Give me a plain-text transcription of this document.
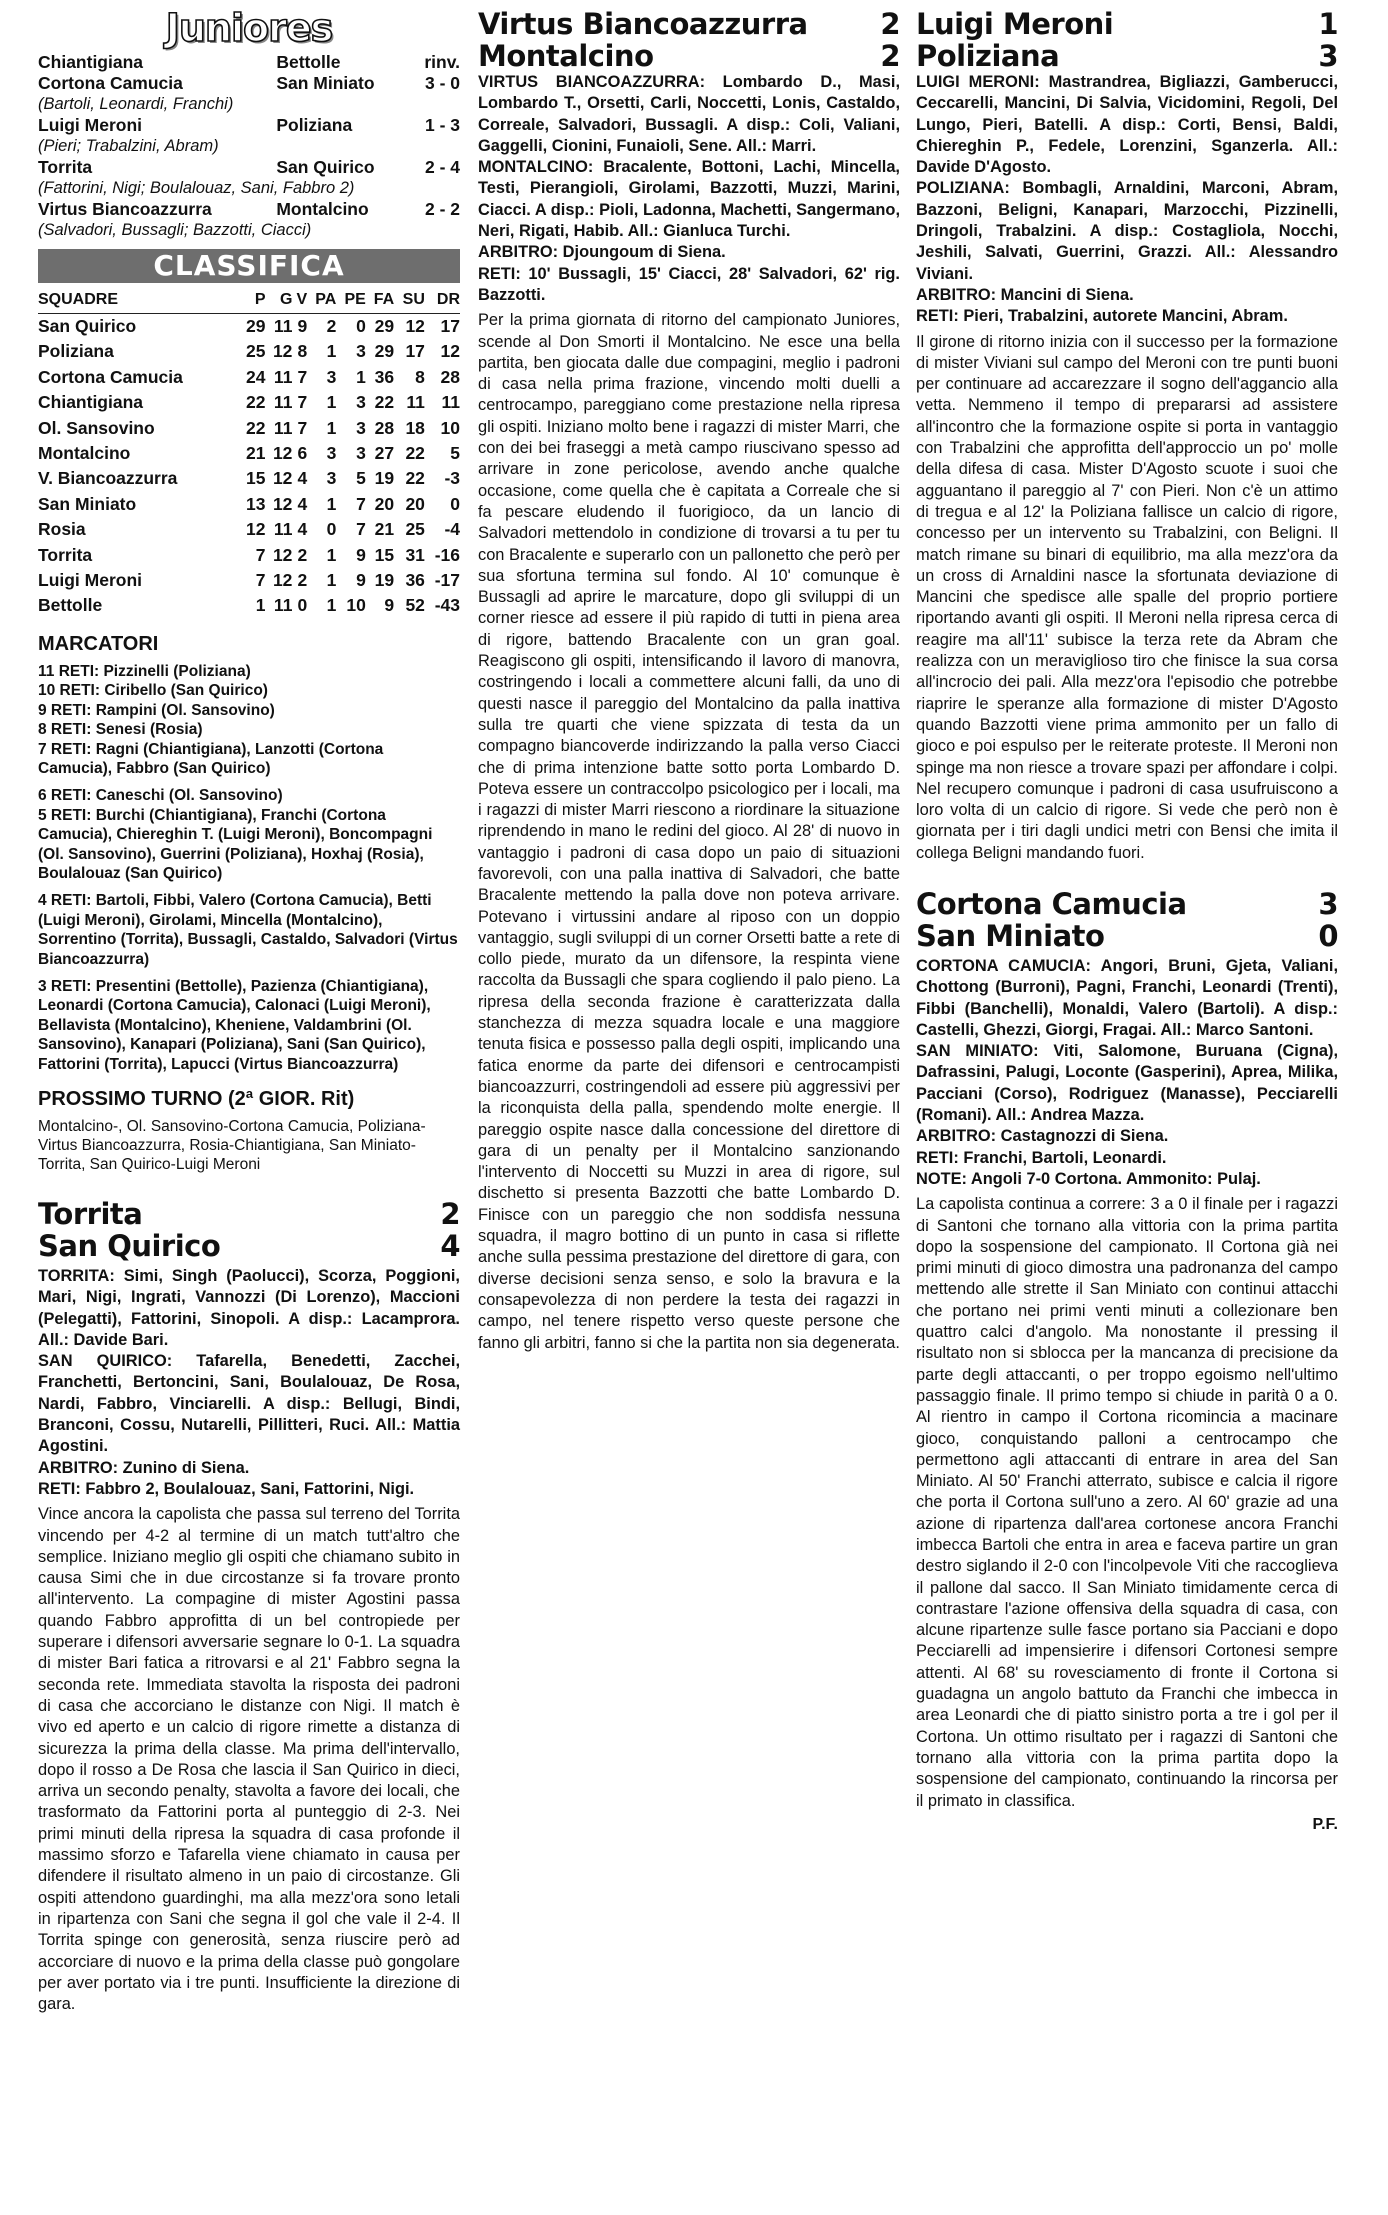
Juniores
Chiantigiana	Bettolle	rinv.
Cortona Camucia	San Miniato	3 - 0
(Bartoli, Leonardi, Franchi)		
Luigi Meroni	Poliziana	1 - 3
(Pieri; Trabalzini, Abram)		
Torrita	San Quirico	2 - 4
(Fattorini, Nigi; Boulalouaz, Sani, Fabbro 2)		
Virtus Biancoazzurra	Montalcino	2 - 2
(Salvadori, Bussagli; Bazzotti, Ciacci)		
CLASSIFICA
SQUADRE	P	G	V	PA	PE	FA	SU	DR
San Quirico	29	11	9	2	0	29	12	17
Poliziana	25	12	8	1	3	29	17	12
Cortona Camucia	24	11	7	3	1	36	8	28
Chiantigiana	22	11	7	1	3	22	11	11
Ol. Sansovino	22	11	7	1	3	28	18	10
Montalcino	21	12	6	3	3	27	22	5
V. Biancoazzurra	15	12	4	3	5	19	22	-3
San Miniato	13	12	4	1	7	20	20	0
Rosia	12	11	4	0	7	21	25	-4
Torrita	7	12	2	1	9	15	31	-16
Luigi Meroni	7	12	2	1	9	19	36	-17
Bettolle	1	11	0	1	10	9	52	-43
MARCATORI

11 RETI: Pizzinelli (Poliziana)

10 RETI: Ciribello (San Quirico)

9 RETI: Rampini (Ol. Sansovino)

8 RETI: Senesi (Rosia)

7 RETI: Ragni (Chiantigiana), Lanzotti (Cortona Camucia), Fabbro (San Quirico)

6 RETI: Caneschi (Ol. Sansovino)

5 RETI: Burchi (Chiantigiana), Franchi (Cortona Camucia), Chiereghin T. (Luigi Meroni), Boncompagni (Ol. Sansovino), Guerrini (Poliziana), Hoxhaj (Rosia), Boulalouaz (San Quirico)

4 RETI: Bartoli, Fibbi, Valero (Cortona Camucia), Betti (Luigi Meroni), Girolami, Mincella (Montalcino), Sorrentino (Torrita), Bussagli, Castaldo, Salvadori (Virtus Biancoazzurra)

3 RETI: Presentini (Bettolle), Pazienza (Chiantigiana), Leonardi (Cortona Camucia), Calonaci (Luigi Meroni), Bellavista (Montalcino), Kheniene, Valdambrini (Ol. Sansovino), Kanapari (Poliziana), Sani (San Quirico), Fattorini (Torrita), Lapucci (Virtus Biancoazzurra)

PROSSIMO TURNO (2ª GIOR. Rit)

Montalcino-, Ol. Sansovino-Cortona Camucia, Poliziana-Virtus Biancoazzurra, Rosia-Chiantigiana, San Miniato-Torrita, San Quirico-Luigi Meroni

Torrita	2
San Quirico	4

TORRITA: Simi, Singh (Paolucci), Scorza, Poggioni, Mari, Nigi, Ingrati, Vannozzi (Di Lorenzo), Maccioni (Pelegatti), Fattorini, Sinopoli. A disp.: Lacamprora. All.: Davide Bari.

SAN QUIRICO: Tafarella, Benedetti, Zacchei, Franchetti, Bertoncini, Sani, Boulalouaz, De Rosa, Nardi, Fabbro, Vinciarelli. A disp.: Bellugi, Bindi, Branconi, Cossu, Nutarelli, Pillitteri, Ruci. All.: Mattia Agostini.

ARBITRO: Zunino di Siena.

RETI: Fabbro 2, Boulalouaz, Sani, Fattorini, Nigi.

Vince ancora la capolista che passa sul terreno del Torrita vincendo per 4-2 al termine di un match tutt'altro che semplice. Iniziano meglio gli ospiti che chiamano subito in causa Simi che in due circostanze si fa trovare pronto all'intervento. La compagine di mister Agostini passa quando Fabbro approfitta di un bel contropiede per superare i difensori avversarie segnare lo 0-1. La squadra di mister Bari fatica a ritrovarsi e al 21' Fabbro segna la seconda rete. Immediata stavolta la risposta dei padroni di casa che accorciano le distanze con Nigi. Il match è vivo ed aperto e un calcio di rigore rimette a distanza di sicurezza la prima della classe. Ma prima dell'intervallo, dopo il rosso a De Rosa che lascia il San Quirico in dieci, arriva un secondo penalty, stavolta a favore dei locali, che trasformato da Fattorini porta al punteggio di 2-3. Nei primi minuti della ripresa la squadra di casa profonde il massimo sforzo e Tafarella viene chiamato in causa per difendere il risultato almeno in un paio di circostanze. Gli ospiti attendono guardinghi, ma alla mezz'ora sono letali in ripartenza con Sani che segna il gol che vale il 2-4. Il Torrita spinge con generosità, senza riuscire però ad accorciare di nuovo e la prima della classe può gongolare per aver portato via i tre punti. Insufficiente la direzione di gara.

Virtus Biancoazzurra	2
Montalcino	2

VIRTUS BIANCOAZZURRA: Lombardo D., Masi, Lombardo T., Orsetti, Carli, Noccetti, Lonis, Castaldo, Correale, Salvadori, Bussagli. A disp.: Coli, Valiani, Gaggelli, Cionini, Funaioli, Sene. All.: Marri.

MONTALCINO: Bracalente, Bottoni, Lachi, Mincella, Testi, Pierangioli, Girolami, Bazzotti, Muzzi, Marini, Ciacci. A disp.: Pioli, Ladonna, Machetti, Sangermano, Neri, Rigati, Habib. All.: Gianluca Turchi.

ARBITRO: Djoungoum di Siena.

RETI: 10' Bussagli, 15' Ciacci, 28' Salvadori, 62' rig. Bazzotti.

Per la prima giornata di ritorno del campionato Juniores, scende al Don Smorti il Montalcino. Ne esce una bella partita, ben giocata dalle due compagini, meglio i padroni di casa nella prima frazione, vincendo molti duelli a centrocampo, pareggiano come prestazione nella ripresa gli ospiti. Iniziano molto bene i ragazzi di mister Marri, che con dei bei fraseggi a metà campo riuscivano spesso ad arrivare in zone pericolose, avendo anche qualche occasione, come quella che è capitata a Correale che si fa pescare eludendo il fuorigioco, da un lancio di Salvadori mettendolo in condizione di trovarsi a tu per tu con Bracalente e superarlo con un pallonetto che però per sua sfortuna termina sul fondo. Al 10' comunque è Bussagli ad aprire le marcature, dopo gli sviluppi di un corner riesce ad essere il più rapido di tutti in piena area di rigore, battendo Bracalente con un gran goal. Reagiscono gli ospiti, intensificando il lavoro di manovra, costringendo i locali a commettere alcuni falli, da uno di questi nasce il pareggio del Montalcino da palla inattiva sulla tre quarti che viene spizzata di testa da un compagno biancoverde indirizzando la palla verso Ciacci che di prima intenzione batte sotto porta Lombardo D. Poteva essere un contraccolpo psicologico per i locali, ma i ragazzi di mister Marri riescono a riordinare la situazione riprendendo in mano le redini del gioco. Al 28' di nuovo in vantaggio i padroni di casa dopo un paio di situazioni favorevoli, con una palla inattiva di Salvadori, che batte Bracalente mettendo la palla dove non poteva arrivare. Potevano i virtussini andare al riposo con un doppio vantaggio, sugli sviluppi di un corner Orsetti batte a rete di collo piede, murato da un difensore, la respinta viene raccolta da Bussagli che spara cogliendo il palo pieno. La ripresa della seconda frazione è caratterizzata dalla stanchezza di mezza squadra locale e una maggiore tenuta fisica e possesso palla degli ospiti, implicando una fatica enorme da parte dei difensori e centrocampisti biancoazzurri, costringendoli ad essere più aggressivi per la riconquista della palla, spendendo molte energie. Il pareggio ospite nasce dalla concessione del direttore di gara di un penalty per il Montalcino sanzionando l'intervento di Noccetti su Muzzi in area di rigore, sul dischetto si presenta Bazzotti che batte Lombardo D. Finisce con un pareggio che non soddisfa nessuna squadra, il magro bottino di un punto in casa si riflette anche sulla pessima prestazione del direttore di gara, con diverse decisioni senza senso, e solo la bravura e la consapevolezza di non perdere la testa dei ragazzi in campo, nel tenere rispetto verso queste persone che fanno gli arbitri, fanno si che la partita non sia degenerata.

Luigi Meroni	1
Poliziana	3

LUIGI MERONI: Mastrandrea, Bigliazzi, Gamberucci, Ceccarelli, Mancini, Di Salvia, Vicidomini, Regoli, Del Lungo, Pieri, Batelli. A disp.: Corti, Bensi, Baldi, Chiereghin P., Fedele, Lorenzini, Sganzerla. All.: Davide D'Agosto.

POLIZIANA: Bombagli, Arnaldini, Marconi, Abram, Bazzoni, Beligni, Kanapari, Marzocchi, Pizzinelli, Dringoli, Trabalzini. A disp.: Costagliola, Nocchi, Jeshili, Salvati, Guerrini, Grazzi. All.: Alessandro Viviani.

ARBITRO: Mancini di Siena.

RETI: Pieri, Trabalzini, autorete Mancini, Abram.

Il girone di ritorno inizia con il successo per la formazione di mister Viviani sul campo del Meroni con tre punti buoni per continuare ad accarezzare il sogno dell'aggancio alla vetta. Nemmeno il tempo di prepararsi ad assistere all'incontro che la formazione ospite si porta in vantaggio con Trabalzini che approfitta dell'approccio un po' molle della difesa di casa. Mister D'Agosto scuote i suoi che agguantano il pareggio al 7' con Pieri. Non c'è un attimo di tregua e al 12' la Poliziana fallisce un calcio di rigore, concesso per un intervento su Trabalzini, con Beligni. Il match rimane su binari di equilibrio, ma alla mezz'ora da un cross di Arnaldini nasce la sfortunata deviazione di Mancini che spedisce alle spalle del proprio portiere riportando avanti gli ospiti. Il Meroni nella ripresa cerca di reagire ma all'11' subisce la terza rete da Abram che realizza con un meraviglioso tiro che finisce la sua corsa all'incrocio dei pali. Alla mezz'ora l'episodio che potrebbe riaprire le speranze alla formazione di mister D'Agosto quando Bazzotti viene prima ammonito per un fallo di gioco e poi espulso per le reiterate proteste. Il Meroni non spinge ma non riesce a trovare spazi per affondare i colpi. Nel recupero comunque i padroni di casa usufruiscono a loro volta di un calcio di rigore. Si vede che però non è giornata per i tiri dagli undici metri con Bensi che imita il collega Beligni mandando fuori.

Cortona Camucia	3
San Miniato	0

CORTONA CAMUCIA: Angori, Bruni, Gjeta, Valiani, Chottong (Burroni), Pagni, Franchi, Leonardi (Trenti), Fibbi (Banchelli), Monaldi, Valero (Bartoli). A disp.: Castelli, Ghezzi, Giorgi, Fragai. All.: Marco Santoni.

SAN MINIATO: Viti, Salomone, Buruana (Cigna), Dafrassini, Palugi, Loconte (Gasperini), Aprea, Milika, Pacciani (Corso), Rodriguez (Manasse), Pecciarelli (Romani). All.: Andrea Mazza.

ARBITRO: Castagnozzi di Siena.

RETI: Franchi, Bartoli, Leonardi.

NOTE: Angoli 7-0 Cortona. Ammonito: Pulaj.

La capolista continua a correre: 3 a 0 il finale per i ragazzi di Santoni che tornano alla vittoria con la prima partita dopo la sospensione del campionato. Il Cortona già nei primi minuti di gioco dimostra una padronanza del campo mettendo alle strette il San Miniato con continui attacchi che portano nei primi venti minuti a collezionare ben quattro calci d'angolo. Ma nonostante il pressing il risultato non si sblocca per la mancanza di precisione da parte degli attaccanti, o per troppo egoismo nell'ultimo passaggio finale. Il primo tempo si chiude in parità 0 a 0. Al rientro in campo il Cortona ricomincia a macinare gioco, conquistando palloni a centrocampo che permettono agli attaccanti di entrare in area del San Miniato. Al 50' Franchi atterrato, subisce e calcia il rigore che porta il Cortona sull'uno a zero. Al 60' grazie ad una azione di ripartenza dall'area cortonese ancora Franchi imbecca Bartoli che entra in area e faceva partire un gran destro siglando il 2-0 con l'incolpevole Viti che raccoglieva il pallone dal sacco. Il San Miniato timidamente cerca di contrastare l'azione offensiva della squadra di casa, con alcune ripartenze sulle fasce portano sia Pacciani e dopo Pecciarelli ad impensierire i difensori Cortonesi sempre attenti. Al 68' su rovesciamento di fronte il Cortona si guadagna un angolo battuto da Franchi che imbecca in area Leonardi che di piatto sinistro porta a tre i gol per il Cortona. Un ottimo risultato per i ragazzi di Santoni che tornano alla vittoria con la prima partita dopo la sospensione del campionato, continuando la rincorsa per il primato in classifica.

P.F.
